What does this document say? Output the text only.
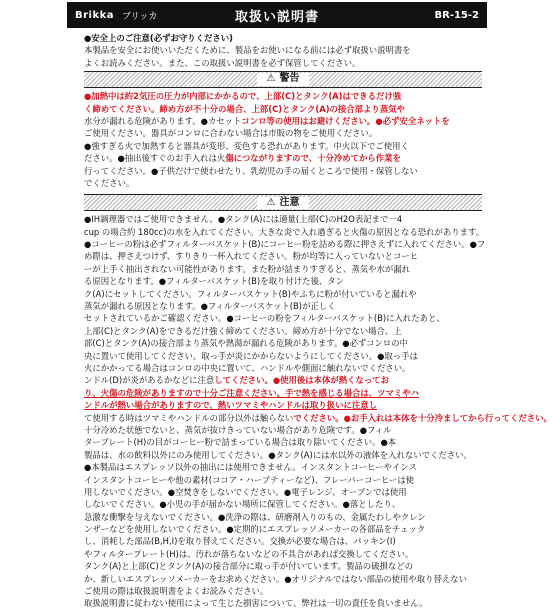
Brikka ブリッカ	取扱い説明書	BR-15-2
●安全上のご注意(必ずお守りください)
本製品を安全にお使いいただくために、製品をお使いになる前には必ず取扱い説明書を
よくお読みください。また、この取扱い説明書を必ず保管してください。
⚠ 警告
●加熱中は約2気圧の圧力が内部にかかるので、上部(C)とタンク(A)はできるだけ強
く締めてください。締め方が不十分の場合、上部(C)とタンク(A)の接合部より蒸気や
水分が漏れる危険があります。●カセットコンロ等の使用はお避けください。●必ず安全ネットを
ご使用ください。器具がコンロに合わない場合は市販の物をご使用ください。
●強すぎる火で加熱すると器具が変形、変色する恐れがあります。中火以下でご使用く
ださい。●抽出後すぐのお手入れは火傷につながりますので、十分冷めてから作業を
行ってください。●子供だけで使わせたり、乳幼児の手の届くところで使用・保管しない
でください。
⚠ 注意
●IH調理器ではご使用できません。●タンク(A)には適量(上部(C)のH2O表記まで一4
cup の場合約 180cc)の水を入れてください。大きな炎で入れ過ぎると火傷の原因となる恐れがあります。
●コーヒーの粉は必ずフィルターバスケット(B)にコーヒー粉を詰める際に押さえずに入れてください。●フ
め際は、押さえつけず、すりきり一杯入れてください。粉が均等に入っていないとコーヒ
ーが上手く抽出されない可能性があります。また粉が詰まりすぎると、蒸気や水が漏れ
る原因となります。●フィルターバスケット(B)を取り付けた後、タン
ク(A)にセットしてください。フィルターバスケット(B)やふちに粉が付いていると漏れや
蒸気が漏れる原因となります。●フィルターバスケット(B)が正しく
セットされているかご確認ください。●コーヒーの粉をフィルターバスケット(B)に入れたあと、
上部(C)とタンク(A)をできるだけ強く締めてください。締め方が十分でない場合、上
部(C)とタンク(A)の接合部より蒸気や熱湯が漏れる危険があります。●必ずコンロの中
央に置いて使用してください。取っ手が炎にかからないようにしてください。●取っ手は
火にかかってる場合はコンロの中央に置いて、ハンドルや側面に触れないでください。
ンドル(D)が炎があるかなどに注意してください。●使用後は本体が熱くなってお
り、火傷の危険がありますので十分ご注意ください。手で熱を感じる場合は、ツマミやハ
ンドルが熱い場合がありますので、熱いツマミやハンドルは取り扱いに注意し
て使用する時はツマミやハンドルの部分以外は触らないでください。●お手入れは本体を十分冷ましてから行ってください。
十分冷めた状態でないと、蒸気が抜けきっていない場合があり危険です。●フィル
ターブレート(H)の目がコーヒー粉で詰まっている場合は取り除いてください。●本
製品は、水の飲料以外にのみ使用してください。●タンク(A)には水以外の液体を入れないでください。
●本製品はエスプレッソ以外の抽出には使用できません。インスタントコーヒーやインス
インスタントコーヒーや他の素材(ココア・ハーブティーなど)、フレーバーコーヒーは使
用しないでください。●空焚きをしないでください。●電子レンジ、オーブンでは使用
しないでください。●小児の手が届かない場所に保管してください。●落としたり、
急激な衝撃を与えないでください。●洗浄の際は、研磨剤入りのもの、金属たわしやクレン
ンザーなどを使用しないでください。●定期的にエスプレッソメーカーの各部品をチェック
し、消耗した部品(B,H,I)を取り替えてください。交換が必要な場合は、パッキン(I)
やフィルタープレート(H)は、汚れが落ちないなどの不具合があれば交換してください。
タンク(A)と上部(C)とタンク(A)の接合部分に取っ手が付いています。製品の破損などの
か、新しいエスプレッソメーカーをお求めください。●オリジナルではない部品の使用や取り替えない
ご使用の際は取扱説明書をよくお読みください。
取扱説明書に従わない使用によって生じた損害について、弊社は一切の責任を負いません。
